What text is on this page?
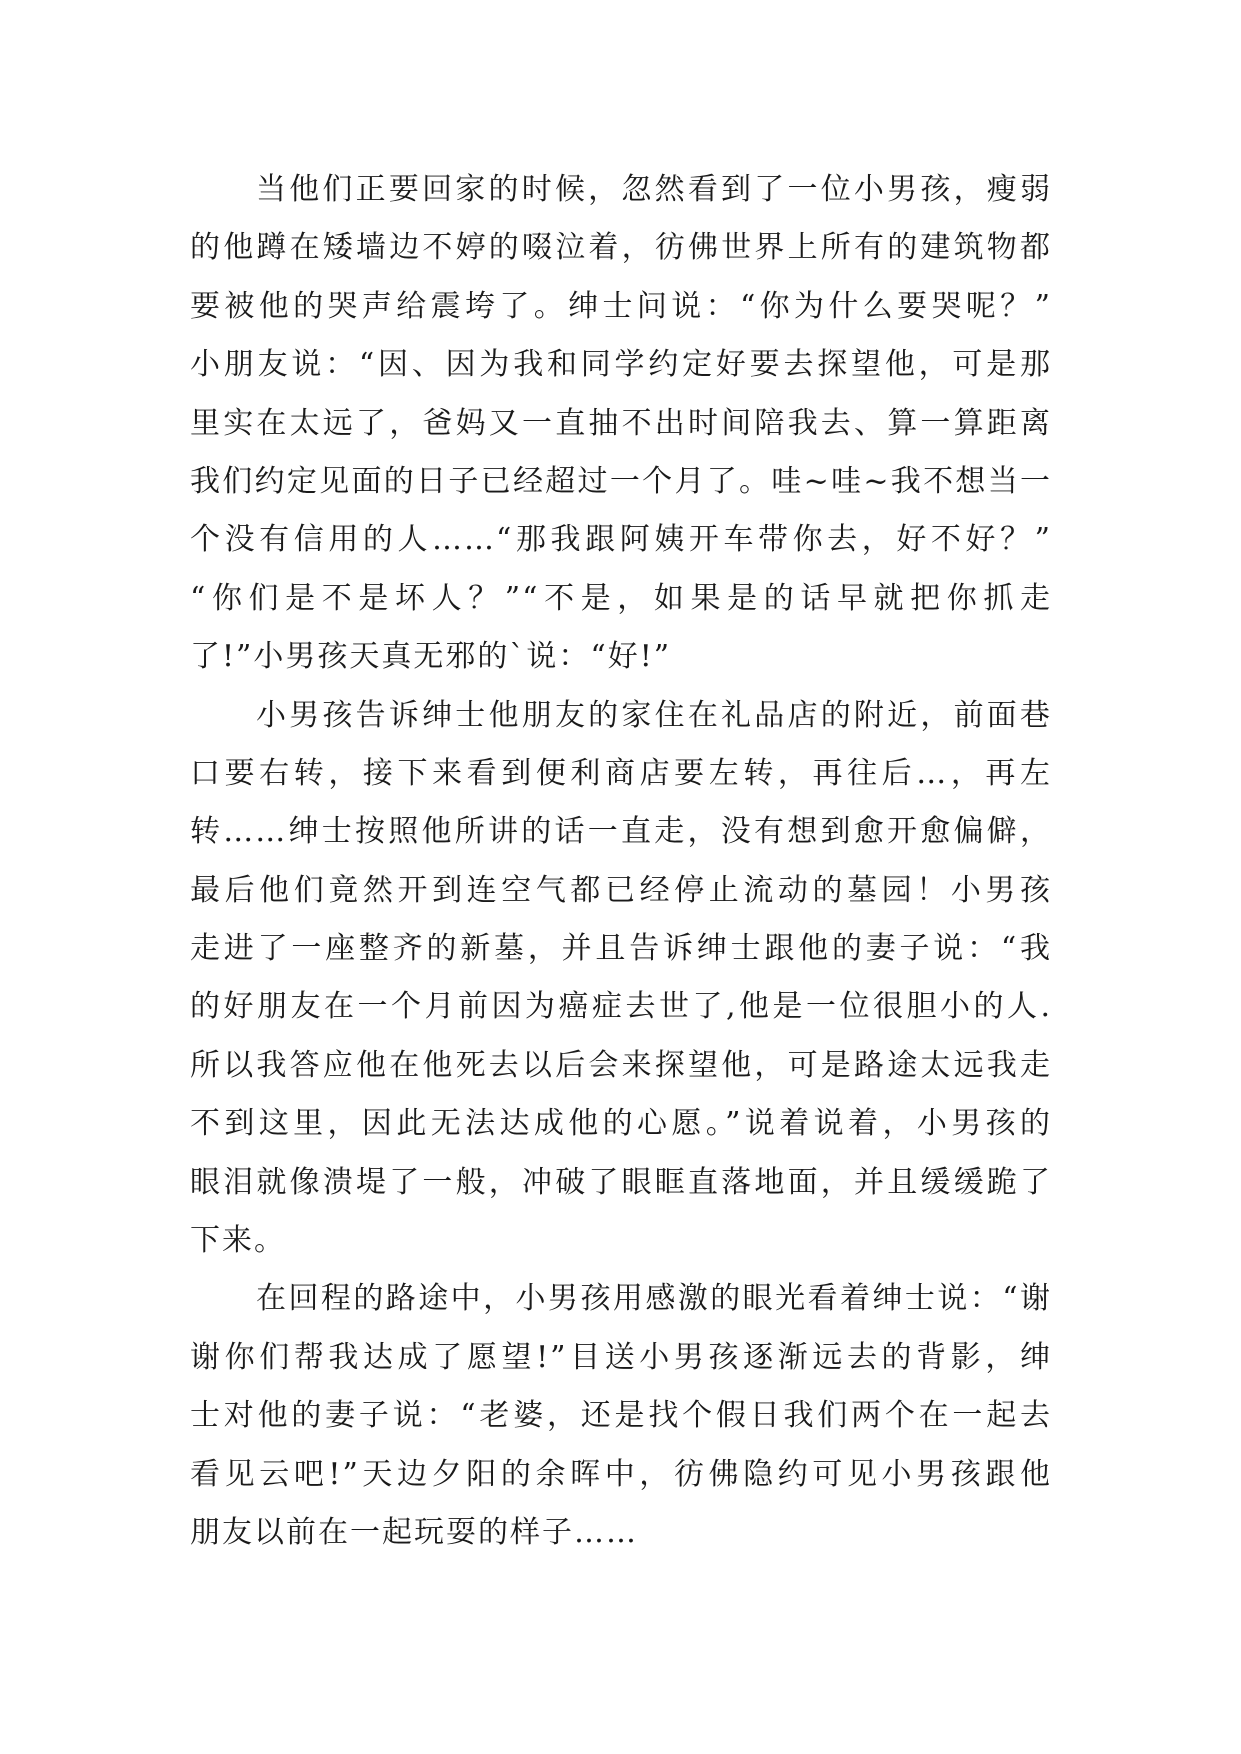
当他们正要回家的时候，忽然看到了一位小男孩，瘦弱
的他蹲在矮墙边不婷的啜泣着，彷佛世界上所有的建筑物都
要被他的哭声给震垮了。绅士问说：“你为什么要哭呢？”
小朋友说：“因、因为我和同学约定好要去探望他，可是那
里实在太远了，爸妈又一直抽不出时间陪我去、算一算距离
我们约定见面的日子已经超过一个月了。哇~哇~我不想当一
个没有信用的人……“那我跟阿姨开车带你去，好不好？”
“你们是不是坏人？”“不是，如果是的话早就把你抓走
了!”小男孩天真无邪的`说：“好!”
小男孩告诉绅士他朋友的家住在礼品店的附近，前面巷
口要右转，接下来看到便利商店要左转，再往后…，再左
转……绅士按照他所讲的话一直走，没有想到愈开愈偏僻，
最后他们竟然开到连空气都已经停止流动的墓园！小男孩
走进了一座整齐的新墓，并且告诉绅士跟他的妻子说：“我
的好朋友在一个月前因为癌症去世了,他是一位很胆小的人.
所以我答应他在他死去以后会来探望他，可是路途太远我走
不到这里，因此无法达成他的心愿。”说着说着，小男孩的
眼泪就像溃堤了一般，冲破了眼眶直落地面，并且缓缓跪了
下来。
在回程的路途中，小男孩用感激的眼光看着绅士说：“谢
谢你们帮我达成了愿望!”目送小男孩逐渐远去的背影，绅
士对他的妻子说：“老婆，还是找个假日我们两个在一起去
看见云吧!”天边夕阳的余晖中，彷佛隐约可见小男孩跟他
朋友以前在一起玩耍的样子……
